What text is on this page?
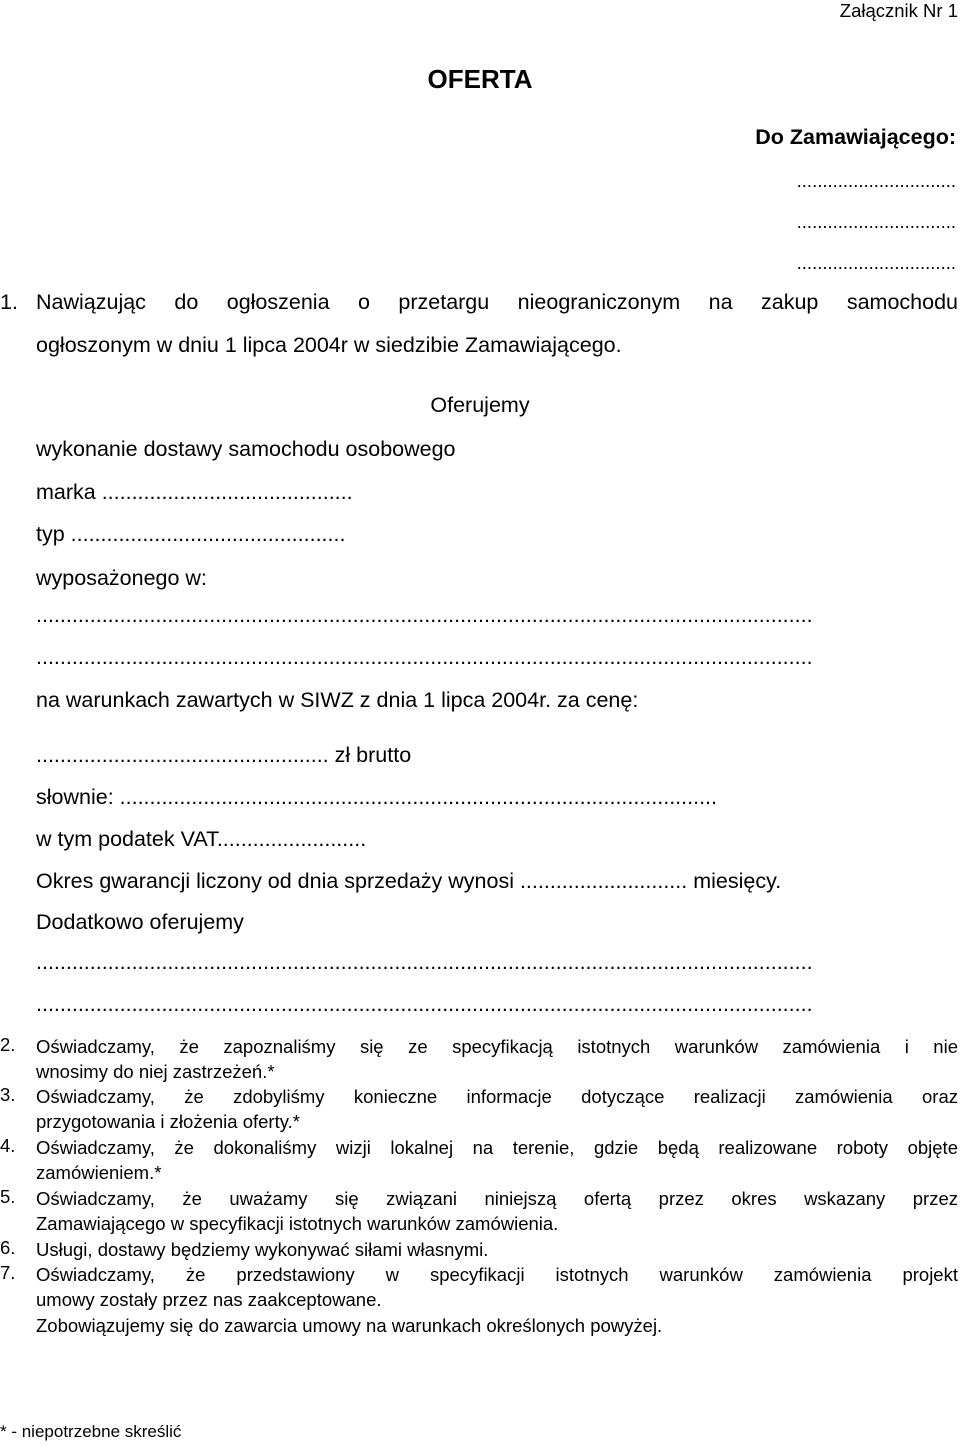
Załącznik Nr 1
OFERTA
Do Zamawiającego:
...............................
...............................
...............................
1. Nawiązując do ogłoszenia o przetargu nieograniczonym na zakup samochodu
ogłoszonym w dniu 1 lipca 2004r w siedzibie Zamawiającego.
Oferujemy
wykonanie dostawy samochodu osobowego
marka ..........................................
typ ..............................................
wyposażonego w:
..................................................................................................................................
..................................................................................................................................
na warunkach zawartych w SIWZ z dnia 1 lipca 2004r. za cenę:
................................................. zł brutto
słownie: ....................................................................................................
w tym podatek VAT.........................
Okres gwarancji liczony od dnia sprzedaży wynosi ............................ miesięcy.
Dodatkowo oferujemy
..................................................................................................................................
..................................................................................................................................
2. Oświadczamy, że zapoznaliśmy się ze specyfikacją istotnych warunków zamówienia i nie
wnosimy do niej zastrzeżeń.*
3. Oświadczamy, że zdobyliśmy konieczne informacje dotyczące realizacji zamówienia oraz
przygotowania i złożenia oferty.*
4. Oświadczamy, że dokonaliśmy wizji lokalnej na terenie, gdzie będą realizowane roboty objęte
zamówieniem.*
5. Oświadczamy, że uważamy się związani niniejszą ofertą przez okres wskazany przez
Zamawiającego w specyfikacji istotnych warunków zamówienia.
6. Usługi, dostawy będziemy wykonywać siłami własnymi.
7. Oświadczamy, że przedstawiony w specyfikacji istotnych warunków zamówienia projekt
umowy zostały przez nas zaakceptowane.
Zobowiązujemy się do zawarcia umowy na warunkach określonych powyżej.
* - niepotrzebne skreślić
